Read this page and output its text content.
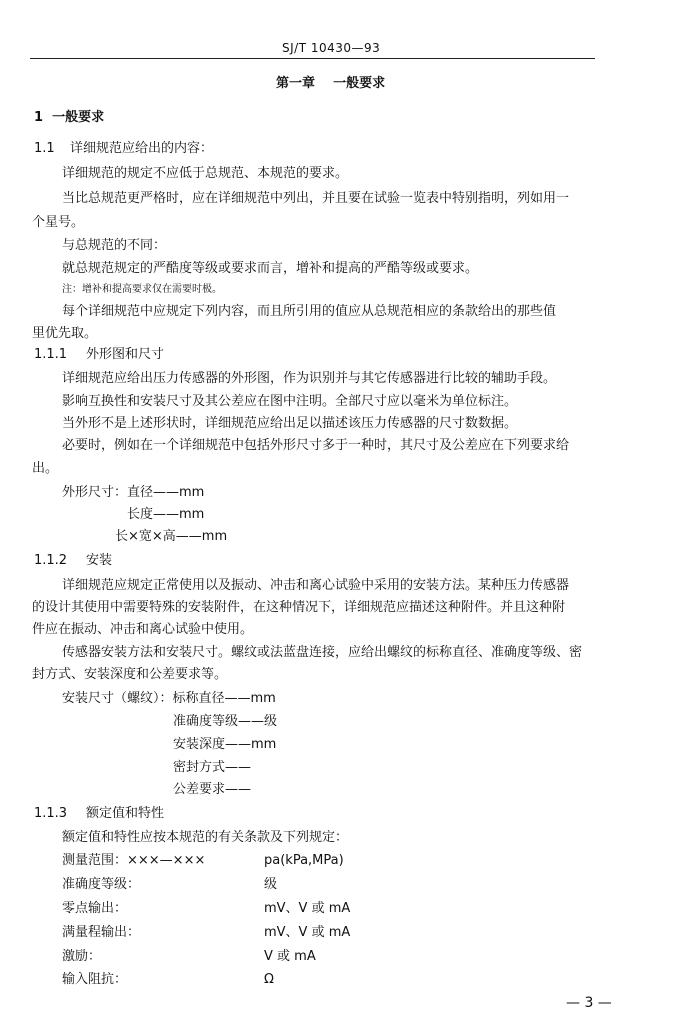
SJ/T 10430—93
第一章    一般要求
1  一般要求
1.1 详细规范应给出的内容：
详细规范的规定不应低于总规范、本规范的要求。
当比总规范更严格时，应在详细规范中列出，并且要在试验一览表中特别指明，列如用一
个星号。
与总规范的不同：
就总规范规定的严酷度等级或要求而言，增补和提高的严酷等级或要求。
注：增补和提高要求仅在需要时极。
每个详细规范中应规定下列内容，而且所引用的值应从总规范相应的条款给出的那些值
里优先取。
1.1.1 外形图和尺寸
详细规范应给出压力传感器的外形图，作为识别并与其它传感器进行比较的辅助手段。
影响互换性和安装尺寸及其公差应在图中注明。全部尺寸应以毫米为单位标注。
当外形不是上述形状时，详细规范应给出足以描述该压力传感器的尺寸数数据。
必要时，例如在一个详细规范中包括外形尺寸多于一种时，其尺寸及公差应在下列要求给
出。
外形尺寸：直径——mm
长度——mm
长×宽×高——mm
1.1.2 安装
详细规范应规定正常使用以及振动、冲击和离心试验中采用的安装方法。某种压力传感器
的设计其使用中需要特殊的安装附件，在这种情况下，详细规范应描述这种附件。并且这种附
件应在振动、冲击和离心试验中使用。
传感器安装方法和安装尺寸。螺纹或法蓝盘连接，应给出螺纹的标称直径、准确度等级、密
封方式、安装深度和公差要求等。
安装尺寸（螺纹）：标称直径——mm
准确度等级——级
安装深度——mm
密封方式——
公差要求——
1.1.3 额定值和特性
额定值和特性应按本规范的有关条款及下列规定：
测量范围：×××—×××	pa(kPa,MPa)
准确度等级：	级
零点输出：	mV、V 或 mA
满量程输出：	mV、V 或 mA
激励：	V 或 mA
输入阻抗：	Ω
— 3 —
